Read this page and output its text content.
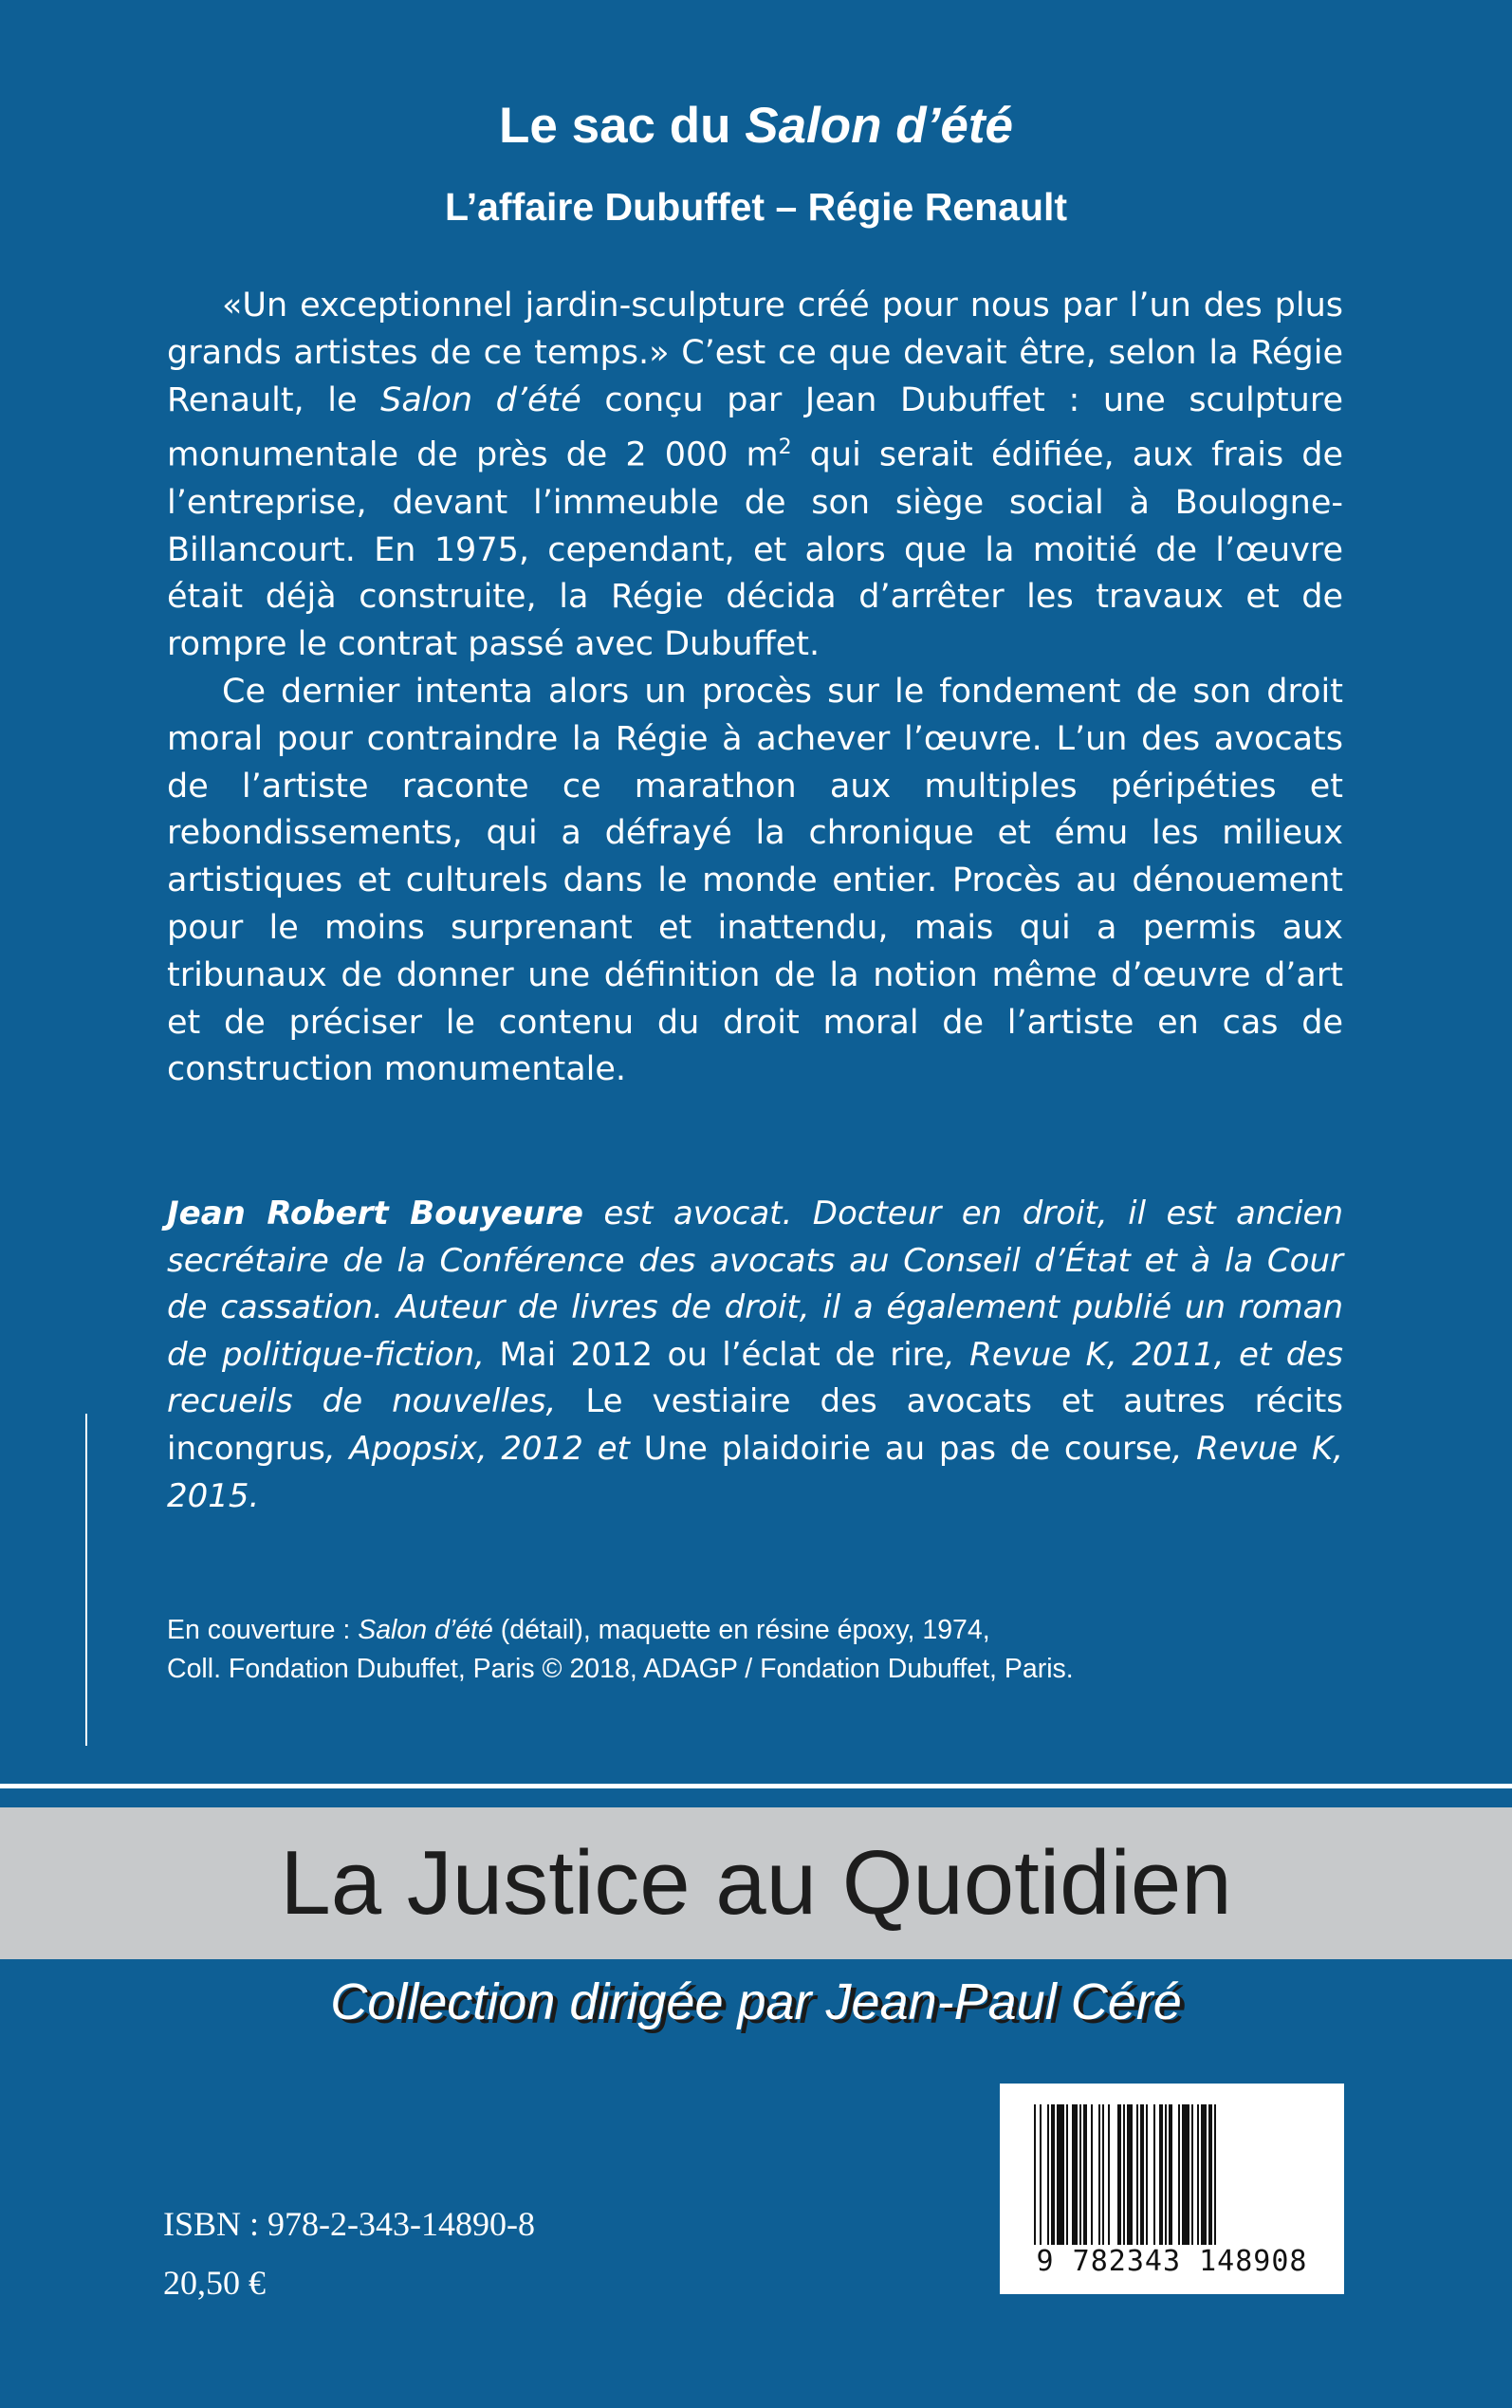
Le sac du Salon d’été
L’affaire Dubuffet – Régie Renault

«Un exceptionnel jardin-sculpture créé pour nous par l’un des plus grands artistes de ce temps.» C’est ce que devait être, selon la Régie Renault, le Salon d’été conçu par Jean Dubuffet : une sculpture monumentale de près de 2 000 $m^2$ qui serait édifiée, aux frais de l’entreprise, devant l’immeuble de son siège social à Boulogne-Billancourt. En 1975, cependant, et alors que la moitié de l’œuvre était déjà construite, la Régie décida d’arrêter les travaux et de rompre le contrat passé avec Dubuffet.

Ce dernier intenta alors un procès sur le fondement de son droit moral pour contraindre la Régie à achever l’œuvre. L’un des avocats de l’artiste raconte ce marathon aux multiples péripéties et rebondissements, qui a défrayé la chronique et ému les milieux artistiques et culturels dans le monde entier. Procès au dénouement pour le moins surprenant et inattendu, mais qui a permis aux tribunaux de donner une définition de la notion même d’œuvre d’art et de préciser le contenu du droit moral de l’artiste en cas de construction monumentale.

Jean Robert Bouyeure est avocat. Docteur en droit, il est ancien secrétaire de la Conférence des avocats au Conseil d’État et à la Cour de cassation. Auteur de livres de droit, il a également publié un roman de politique-fiction, Mai 2012 ou l’éclat de rire, Revue K, 2011, et des recueils de nouvelles, Le vestiaire des avocats et autres récits incongrus, Apopsix, 2012 et Une plaidoirie au pas de course, Revue K, 2015.

En couverture : Salon d’été (détail), maquette en résine époxy, 1974,
Coll. Fondation Dubuffet, Paris © 2018, ADAGP / Fondation Dubuffet, Paris.
La Justice au Quotidien
Collection dirigée par Jean-Paul Céré
9 782343 148908
ISBN : 978-2-343-14890-8
20,50 €
